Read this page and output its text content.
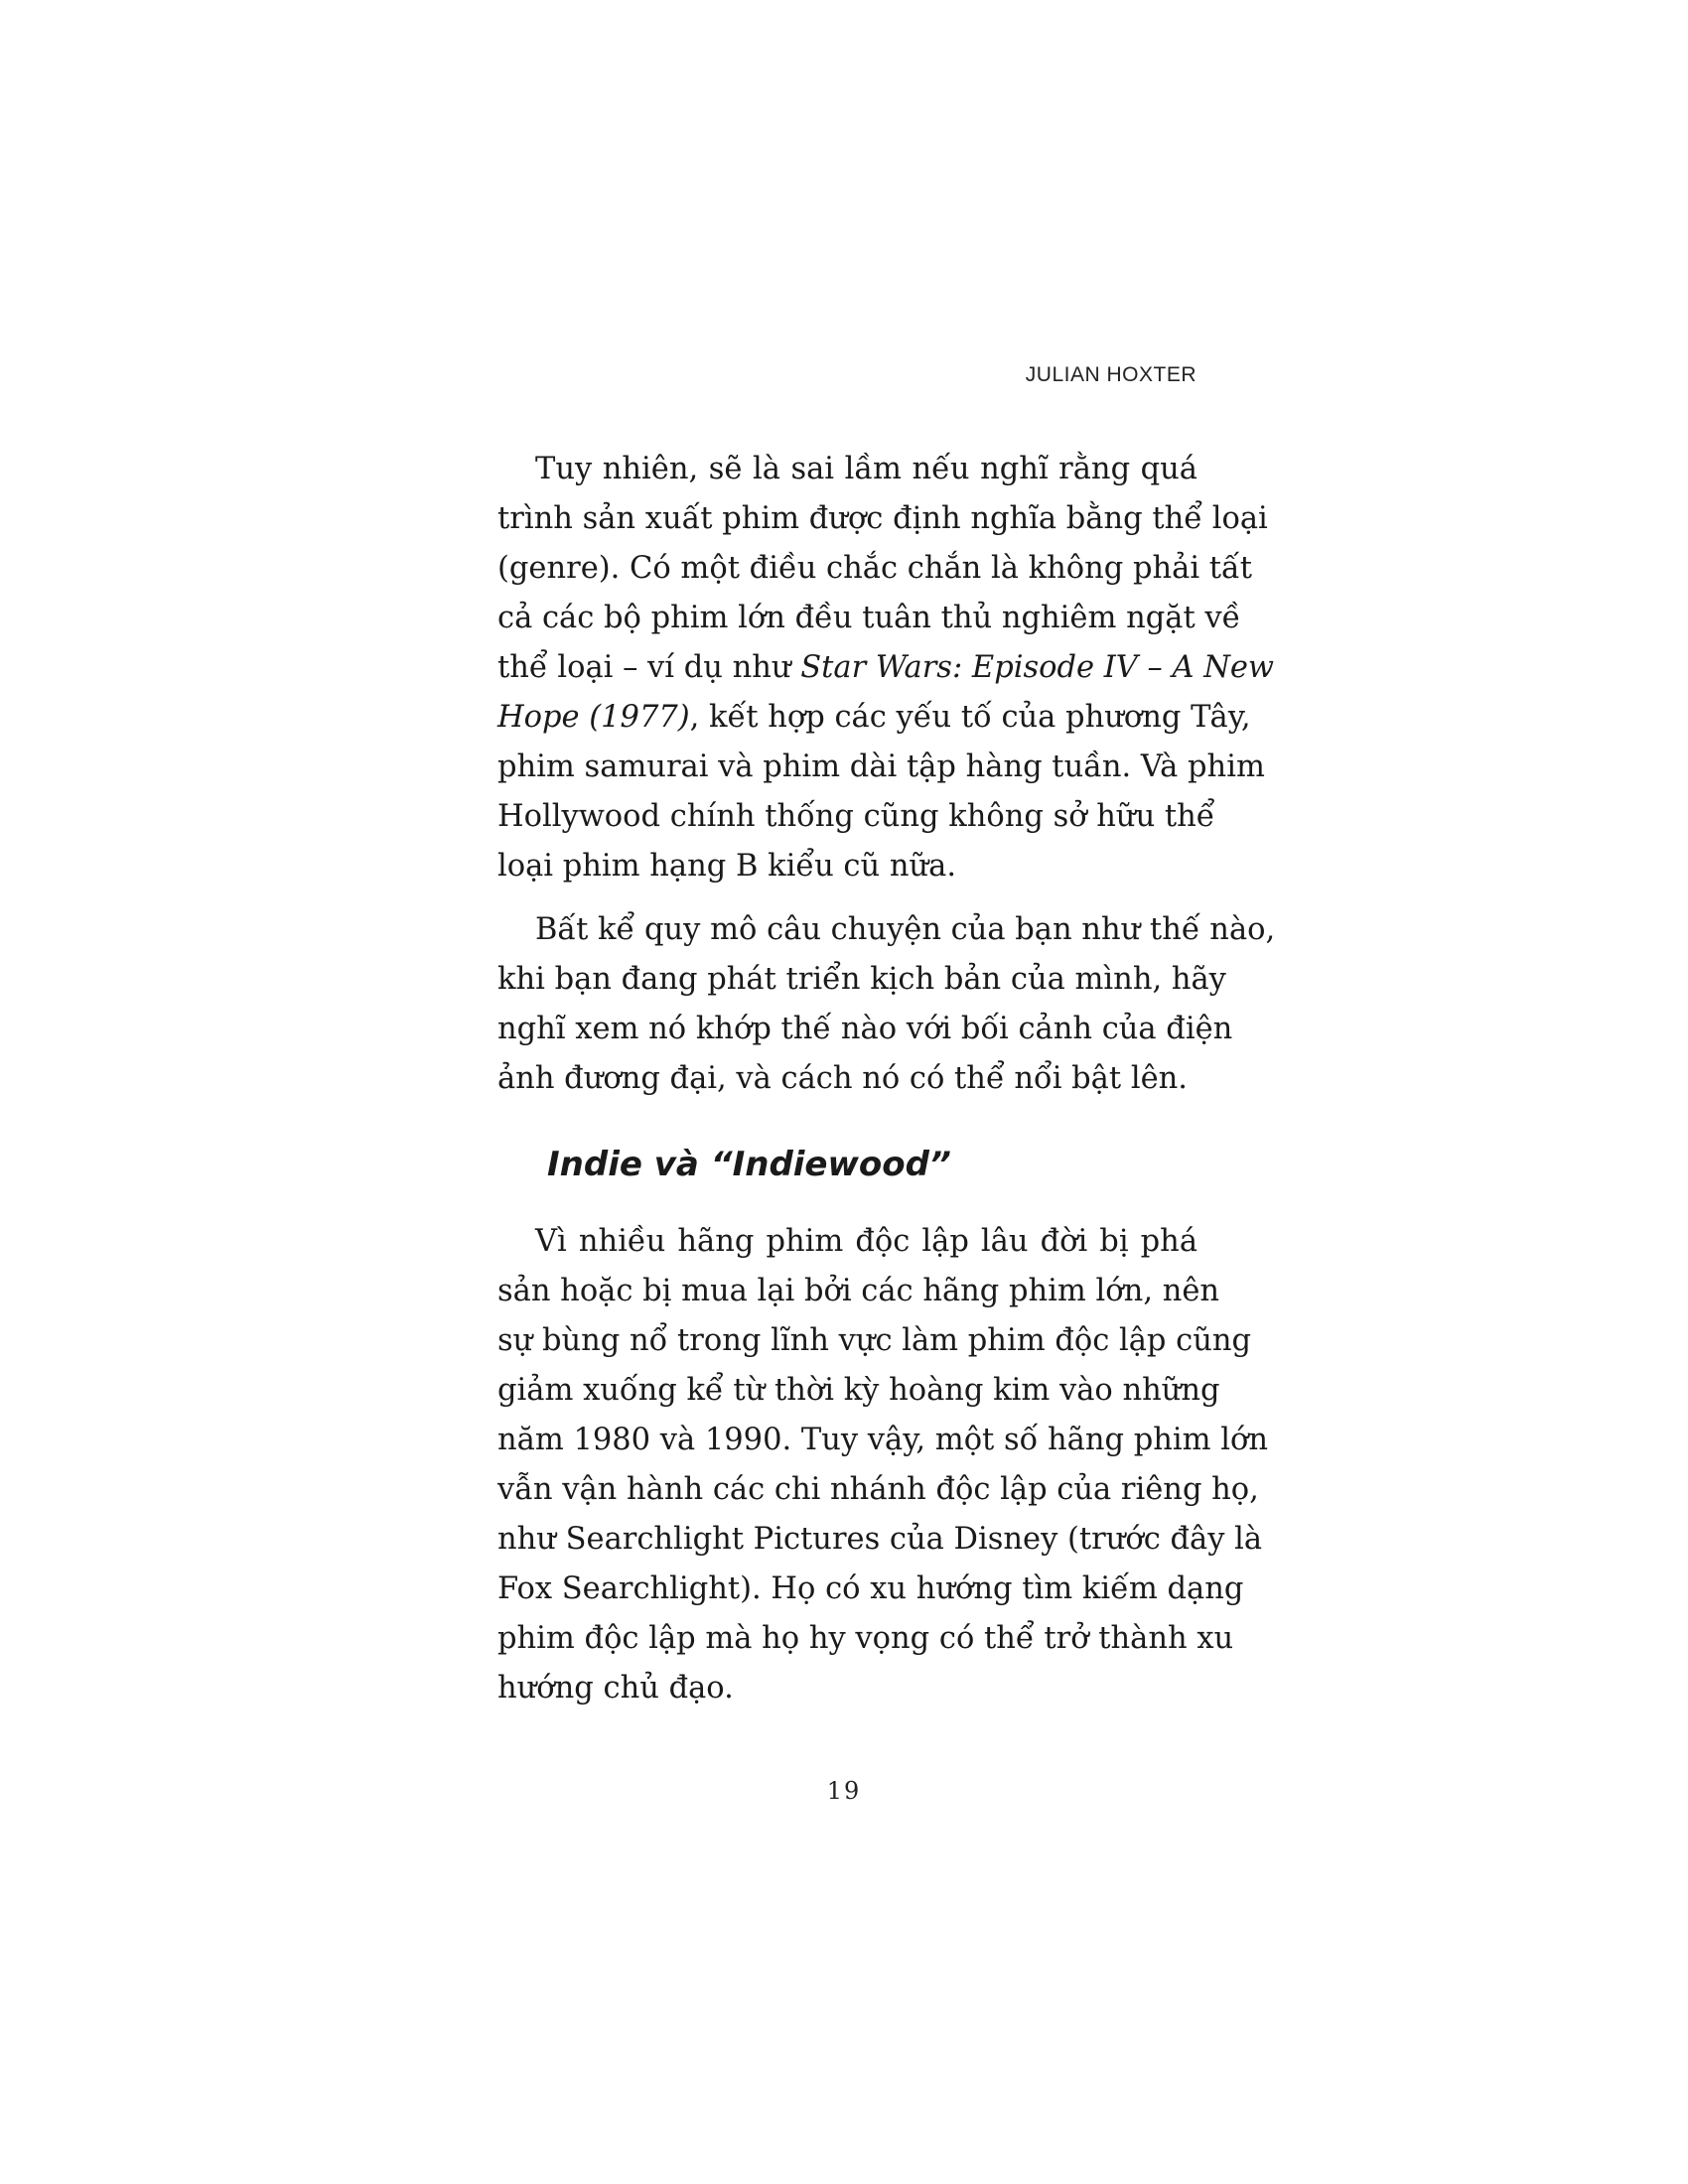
JULIAN HOXTER

Tuy nhiên, sẽ là sai lầm nếu nghĩ rằng quá
trình sản xuất phim được định nghĩa bằng thể loại
(genre). Có một điều chắc chắn là không phải tất
cả các bộ phim lớn đều tuân thủ nghiêm ngặt về
thể loại – ví dụ như Star Wars: Episode IV – A New
Hope (1977), kết hợp các yếu tố của phương Tây,
phim samurai và phim dài tập hàng tuần. Và phim
Hollywood chính thống cũng không sở hữu thể
loại phim hạng B kiểu cũ nữa.

Bất kể quy mô câu chuyện của bạn như thế nào,
khi bạn đang phát triển kịch bản của mình, hãy
nghĩ xem nó khớp thế nào với bối cảnh của điện
ảnh đương đại, và cách nó có thể nổi bật lên.

Indie và “Indiewood”

Vì nhiều hãng phim độc lập lâu đời bị phá
sản hoặc bị mua lại bởi các hãng phim lớn, nên
sự bùng nổ trong lĩnh vực làm phim độc lập cũng
giảm xuống kể từ thời kỳ hoàng kim vào những
năm 1980 và 1990. Tuy vậy, một số hãng phim lớn
vẫn vận hành các chi nhánh độc lập của riêng họ,
như Searchlight Pictures của Disney (trước đây là
Fox Searchlight). Họ có xu hướng tìm kiếm dạng
phim độc lập mà họ hy vọng có thể trở thành xu
hướng chủ đạo.

19
